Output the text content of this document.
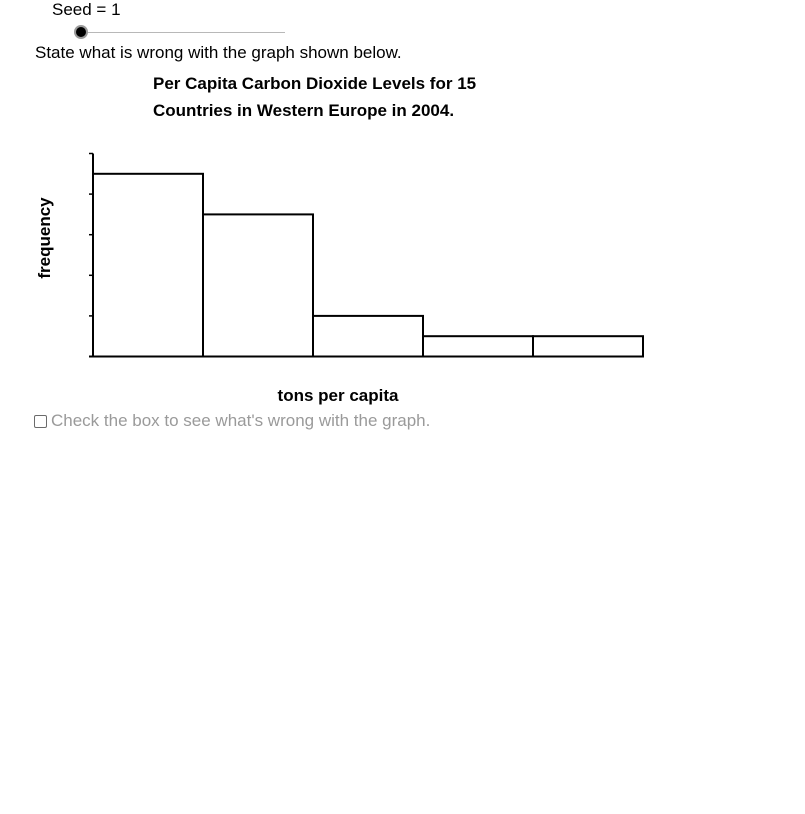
Seed = 1
State what is wrong with the graph shown below.
Per Capita Carbon Dioxide Levels for 15
Countries in Western Europe in 2004.
frequency
tons per capita
Check the box to see what's wrong with the graph.
